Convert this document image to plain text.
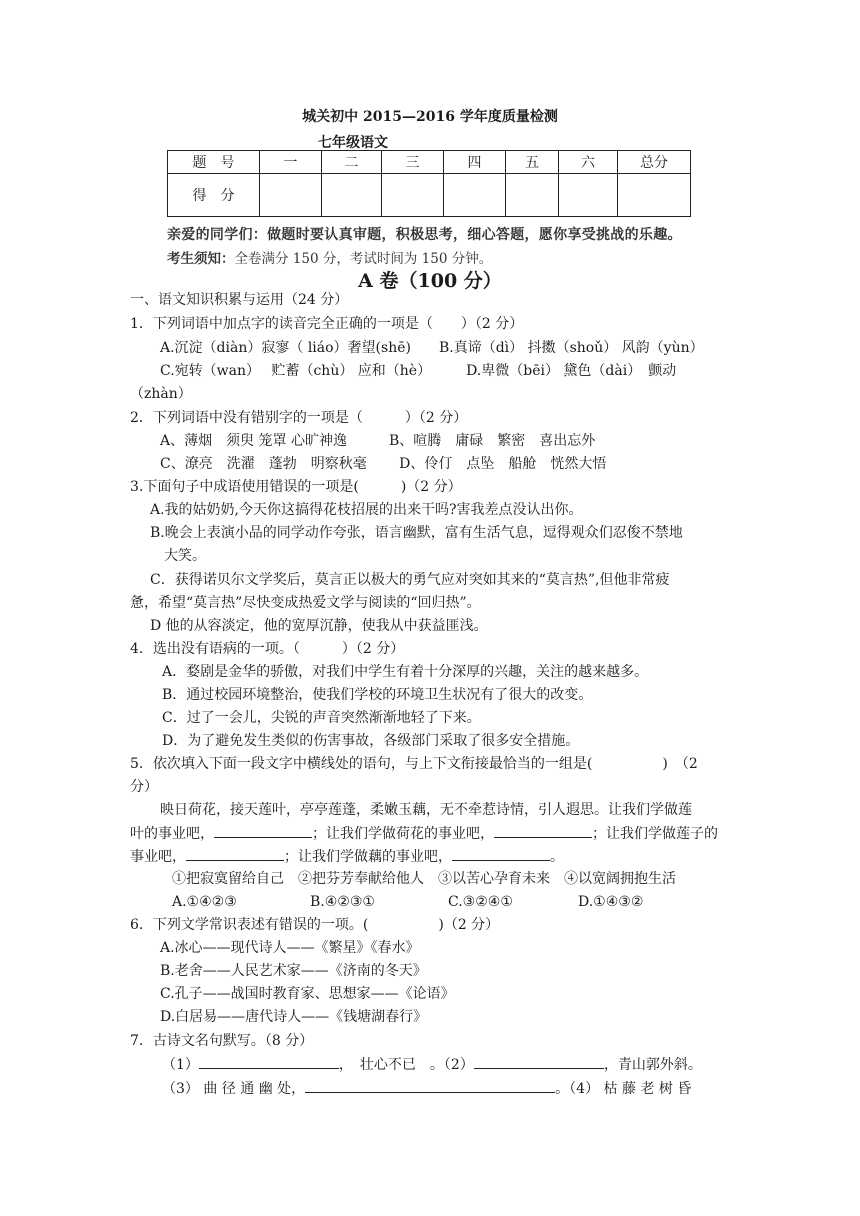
城关初中 2015—2016 学年度质量检测
七年级语文
题　号	一	二	三	四	五	六	总分
得　分							
亲爱的同学们：做题时要认真审题，积极思考，细心答题，愿你享受挑战的乐趣。
考生须知：全卷满分 150 分，考试时间为 150 分钟。
A 卷（100 分）
一、语文知识积累与运用（24 分）
1．下列词语中加点字的读音完全正确的一项是（　　）（2 分）
A.沉淀（diàn）寂寥（ liáo）奢望(shē)　　B.真谛（dì） 抖擞（shoǔ） 风韵（yùn）
C.宛转（wan）　 贮蓄（chù） 应和（hè）　　　D.卑微（bēi） 黛色（dài）　颤动
（zhàn）
2．下列词语中没有错别字的一项是（　　　）（2 分）
A、薄烟　须臾 笼罩 心旷神逸　　　B、喧腾　庸碌　繁密　喜出忘外
C、潦亮　洗濯　蓬勃　明察秋毫　　 D、伶仃　点坠　船舱　恍然大悟
3.下面句子中成语使用错误的一项是(　　　)（2 分）
A.我的姑奶奶,今天你这搞得花枝招展的出来干吗?害我差点没认出你。
B.晚会上表演小品的同学动作夸张，语言幽默，富有生活气息，逗得观众们忍俊不禁地
大笑。
C．获得诺贝尔文学奖后，莫言正以极大的勇气应对突如其来的“莫言热”,但他非常疲
惫，希望“莫言热”尽快变成热爱文学与阅读的“回归热”。
D 他的从容淡定，他的宽厚沉静，使我从中获益匪浅。
4．选出没有语病的一项。（　　　）（2 分）
A．婺剧是金华的骄傲，对我们中学生有着十分深厚的兴趣，关注的越来越多。
B．通过校园环境整治，使我们学校的环境卫生状况有了很大的改变。
C．过了一会儿，尖锐的声音突然渐渐地轻了下来。
D．为了避免发生类似的伤害事故，各级部门采取了很多安全措施。
5．依次填入下面一段文字中横线处的语句，与上下文衔接最恰当的一组是(　　　　　)　（2
分）
映日荷花，接天莲叶，亭亭莲蓬，柔嫩玉藕，无不牵惹诗情，引人遐思。让我们学做莲
叶的事业吧，	；让我们学做荷花的事业吧，	；让我们学做莲子的
事业吧，	；让我们学做藕的事业吧，	。
①把寂寞留给自己　②把芬芳奉献给他人　③以苦心孕育未来　④以宽阔拥抱生活
A.①④②③	B.④②③①	C.③②④①	D.①④③②
6．下列文学常识表述有错误的一项。(　　　　　)（2 分）
A.冰心——现代诗人——《繁星》《春水》
B.老舍——人民艺术家——《济南的冬天》
C.孔子——战国时教育家、思想家——《论语》
D.白居易——唐代诗人——《钱塘湖春行》
7．古诗文名句默写。（8 分）
（1）	，　壮心不已　。（2）	，青山郭外斜。
（3） 曲 径 通 幽 处，	。（4） 枯 藤 老 树 昏
